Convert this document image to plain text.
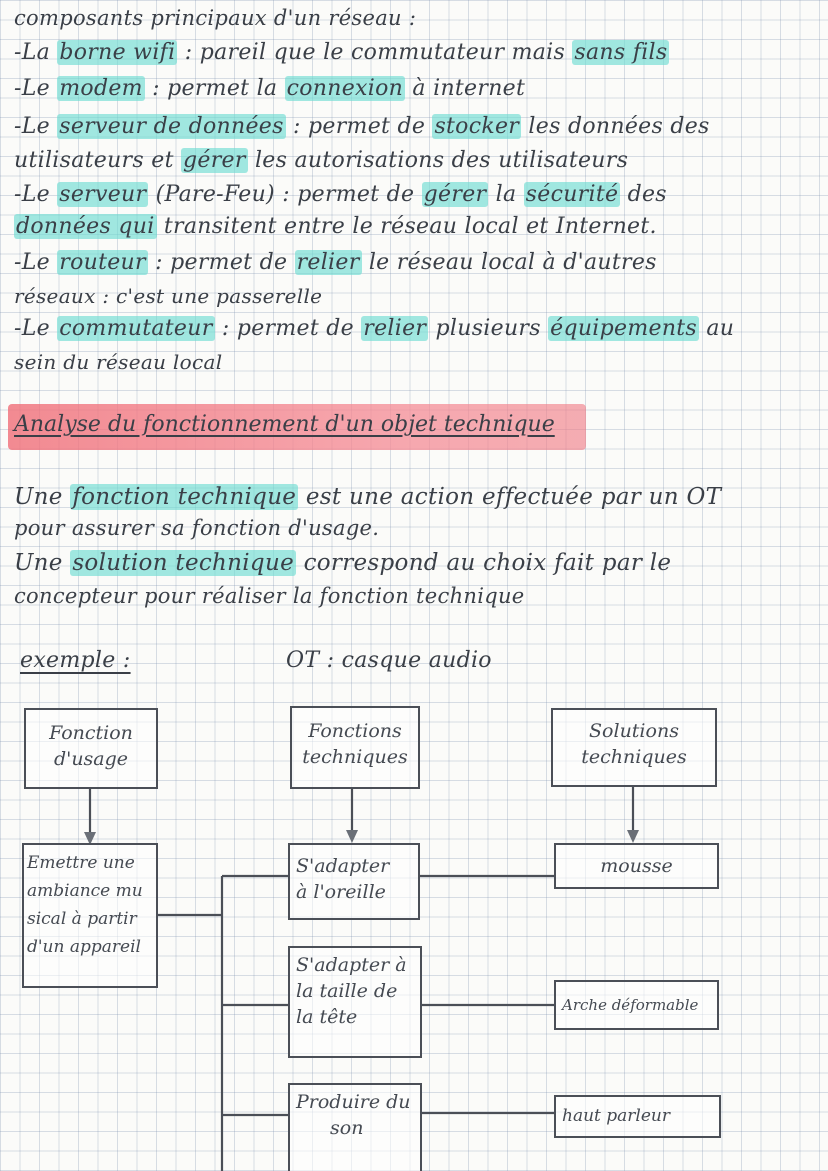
composants principaux d'un réseau :
-La borne wifi : pareil que le commutateur mais sans fils
-Le modem : permet la connexion à internet
-Le serveur de données : permet de stocker les données des
utilisateurs et gérer les autorisations des utilisateurs
-Le serveur (Pare-Feu) : permet de gérer la sécurité des
données qui transitent entre le réseau local et Internet.
-Le routeur : permet de relier le réseau local à d'autres
réseaux : c'est une passerelle
-Le commutateur : permet de relier plusieurs équipements au
sein du réseau local
Analyse du fonctionnement d'un objet technique
Une fonction technique est une action effectuée par un OT
pour assurer sa fonction d'usage.
Une solution technique correspond au choix fait par le
concepteur pour réaliser la fonction technique
exemple :	OT : casque audio
Fonction
d'usage
Fonctions
techniques
Solutions
techniques
Emettre une
ambiance mu
sical à partir
d'un appareil
S'adapter
à l'oreille
S'adapter à
la taille de
la tête
Produire du
son
mousse
Arche déformable
haut parleur
